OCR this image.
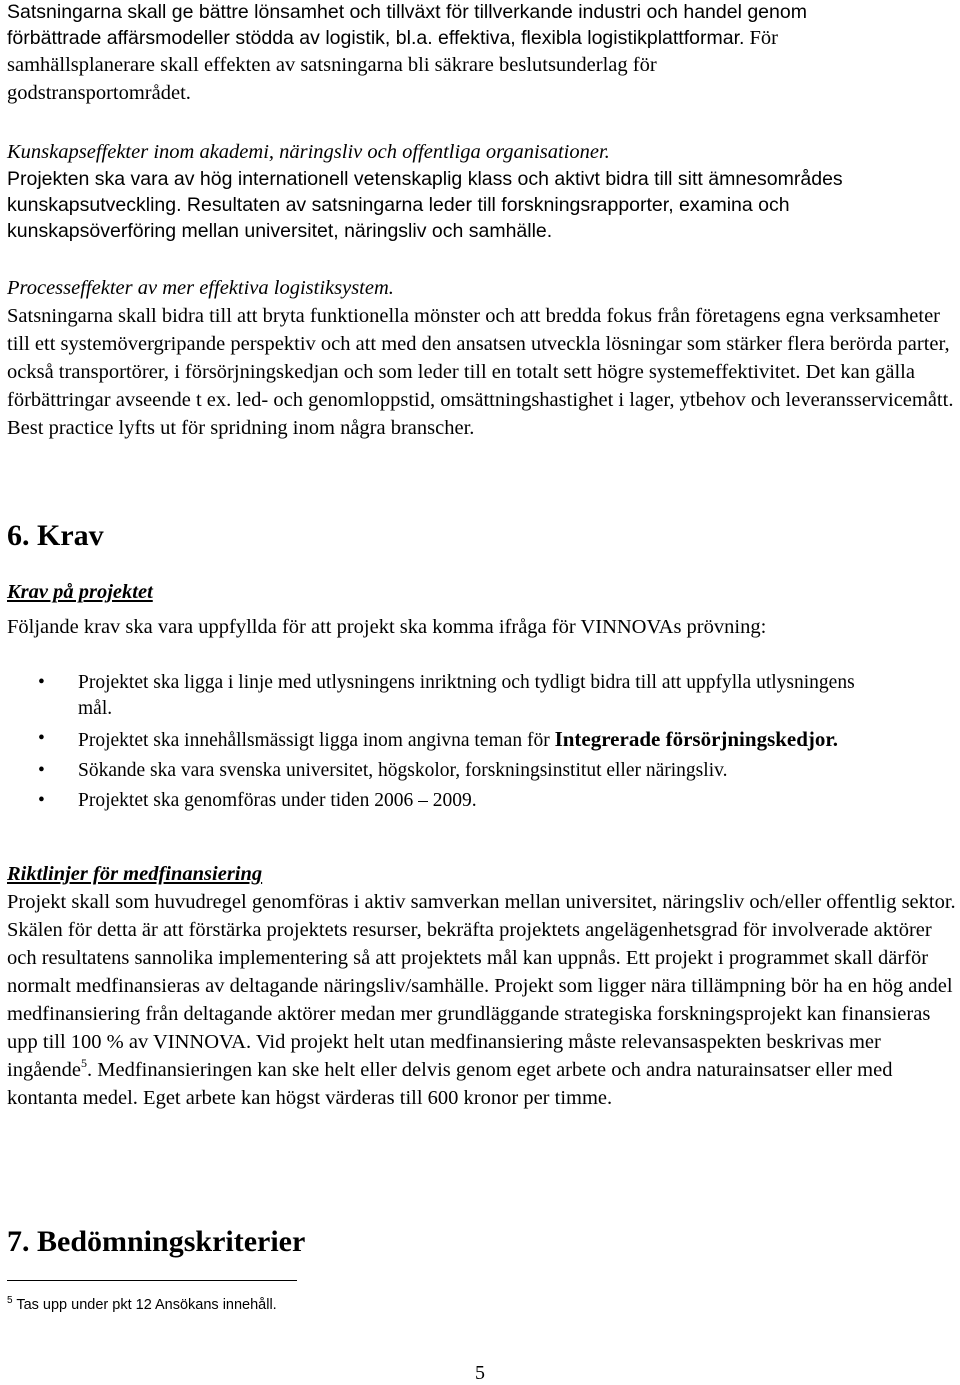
Satsningarna skall ge bättre lönsamhet och tillväxt för tillverkande industri och handel genom
förbättrade affärsmodeller stödda av logistik, bl.a. effektiva, flexibla logistikplattformar. För
samhällsplanerare skall effekten av satsningarna bli säkrare beslutsunderlag för
godstransportområdet.

Kunskapseffekter inom akademi, näringsliv och offentliga organisationer.

Projekten ska vara av hög internationell vetenskaplig klass och aktivt bidra till sitt ämnesområdes kunskapsutveckling. Resultaten av satsningarna leder till forskningsrapporter, examina och kunskapsöverföring mellan universitet, näringsliv och samhälle.

Processeffekter av mer effektiva logistiksystem.

Satsningarna skall bidra till att bryta funktionella mönster och att bredda fokus från företagens egna verksamheter till ett systemövergripande perspektiv och att med den ansatsen utveckla lösningar som stärker flera berörda parter, också transportörer, i försörjningskedjan och som leder till en totalt sett högre systemeffektivitet. Det kan gälla förbättringar avseende t ex. led- och genomloppstid, omsättningshastighet i lager, ytbehov och leveransservicemått. Best practice lyfts ut för spridning inom några branscher.

6. Krav

Krav på projektet

Följande krav ska vara uppfyllda för att projekt ska komma ifråga för VINNOVAs prövning:

• Projektet ska ligga i linje med utlysningens inriktning och tydligt bidra till att uppfylla utlysningens mål.
• Projektet ska innehållsmässigt ligga inom angivna teman för Integrerade försörjningskedjor.
• Sökande ska vara svenska universitet, högskolor, forskningsinstitut eller näringsliv.
• Projektet ska genomföras under tiden 2006 – 2009.

Riktlinjer för medfinansiering

Projekt skall som huvudregel genomföras i aktiv samverkan mellan universitet, näringsliv och/eller offentlig sektor. Skälen för detta är att förstärka projektets resurser, bekräfta projektets angelägenhetsgrad för involverade aktörer och resultatens sannolika implementering så att projektets mål kan uppnås. Ett projekt i programmet skall därför normalt medfinansieras av deltagande näringsliv/samhälle. Projekt som ligger nära tillämpning bör ha en hög andel medfinansiering från deltagande aktörer medan mer grundläggande strategiska forskningsprojekt kan finansieras upp till 100 % av VINNOVA. Vid projekt helt utan medfinansiering måste relevansaspekten beskrivas mer ingående$^5$. Medfinansieringen kan ske helt eller delvis genom eget arbete och andra naturainsatser eller med kontanta medel. Eget arbete kan högst värderas till 600 kronor per timme.

7. Bedömningskriterier

$^5$ Tas upp under pkt 12 Ansökans innehåll.

5
